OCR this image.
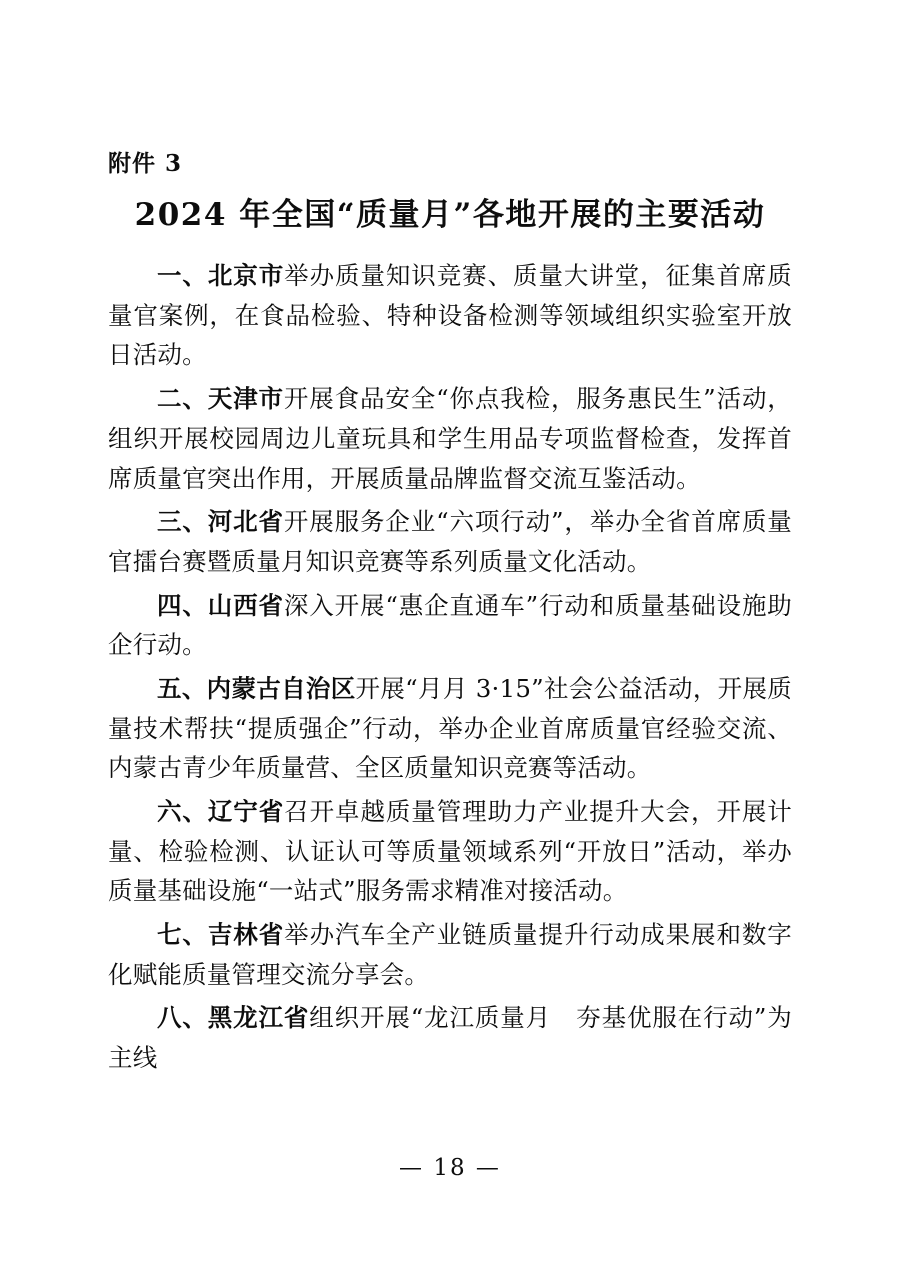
附件 3
2024 年全国“质量月”各地开展的主要活动

一、北京市举办质量知识竞赛、质量大讲堂，征集首席质量官案例，在食品检验、特种设备检测等领域组织实验室开放日活动。

二、天津市开展食品安全“你点我检，服务惠民生”活动，组织开展校园周边儿童玩具和学生用品专项监督检查，发挥首席质量官突出作用，开展质量品牌监督交流互鉴活动。

三、河北省开展服务企业“六项行动”，举办全省首席质量官擂台赛暨质量月知识竞赛等系列质量文化活动。

四、山西省深入开展“惠企直通车”行动和质量基础设施助企行动。

五、内蒙古自治区开展“月月 3·15”社会公益活动，开展质量技术帮扶“提质强企”行动，举办企业首席质量官经验交流、内蒙古青少年质量营、全区质量知识竞赛等活动。

六、辽宁省召开卓越质量管理助力产业提升大会，开展计量、检验检测、认证认可等质量领域系列“开放日”活动，举办质量基础设施“一站式”服务需求精准对接活动。

七、吉林省举办汽车全产业链质量提升行动成果展和数字化赋能质量管理交流分享会。

八、黑龙江省组织开展“龙江质量月　夯基优服在行动”为主线

— 18 —
